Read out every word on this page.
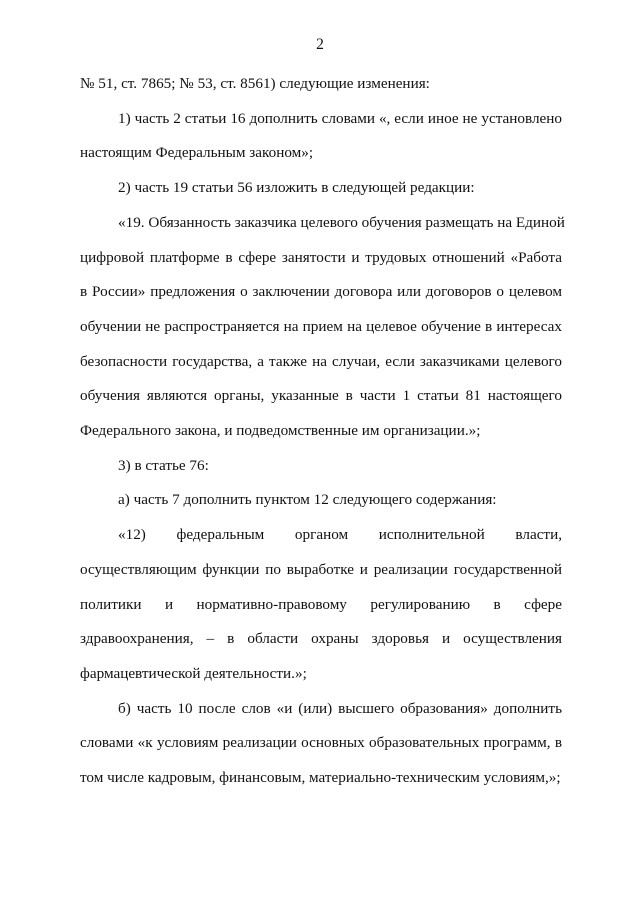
2
№ 51, ст. 7865; № 53, ст. 8561) следующие изменения:
1) часть 2 статьи 16 дополнить словами «, если иное не установлено
настоящим Федеральным законом»;
2) часть 19 статьи 56 изложить в следующей редакции:
«19. Обязанность заказчика целевого обучения размещать на Единой
цифровой платформе в сфере занятости и трудовых отношений «Работа
в России» предложения о заключении договора или договоров о целевом
обучении не распространяется на прием на целевое обучение в интересах
безопасности государства, а также на случаи, если заказчиками целевого
обучения являются органы, указанные в части 1 статьи 81 настоящего
Федерального закона, и подведомственные им организации.»;
3) в статье 76:
а) часть 7 дополнить пунктом 12 следующего содержания:
«12) федеральным органом исполнительной власти,
осуществляющим функции по выработке и реализации государственной
политики и нормативно-правовому регулированию в сфере
здравоохранения, – в области охраны здоровья и осуществления
фармацевтической деятельности.»;
б) часть 10 после слов «и (или) высшего образования» дополнить
словами «к условиям реализации основных образовательных программ, в
том числе кадровым, финансовым, материально-техническим условиям,»;
